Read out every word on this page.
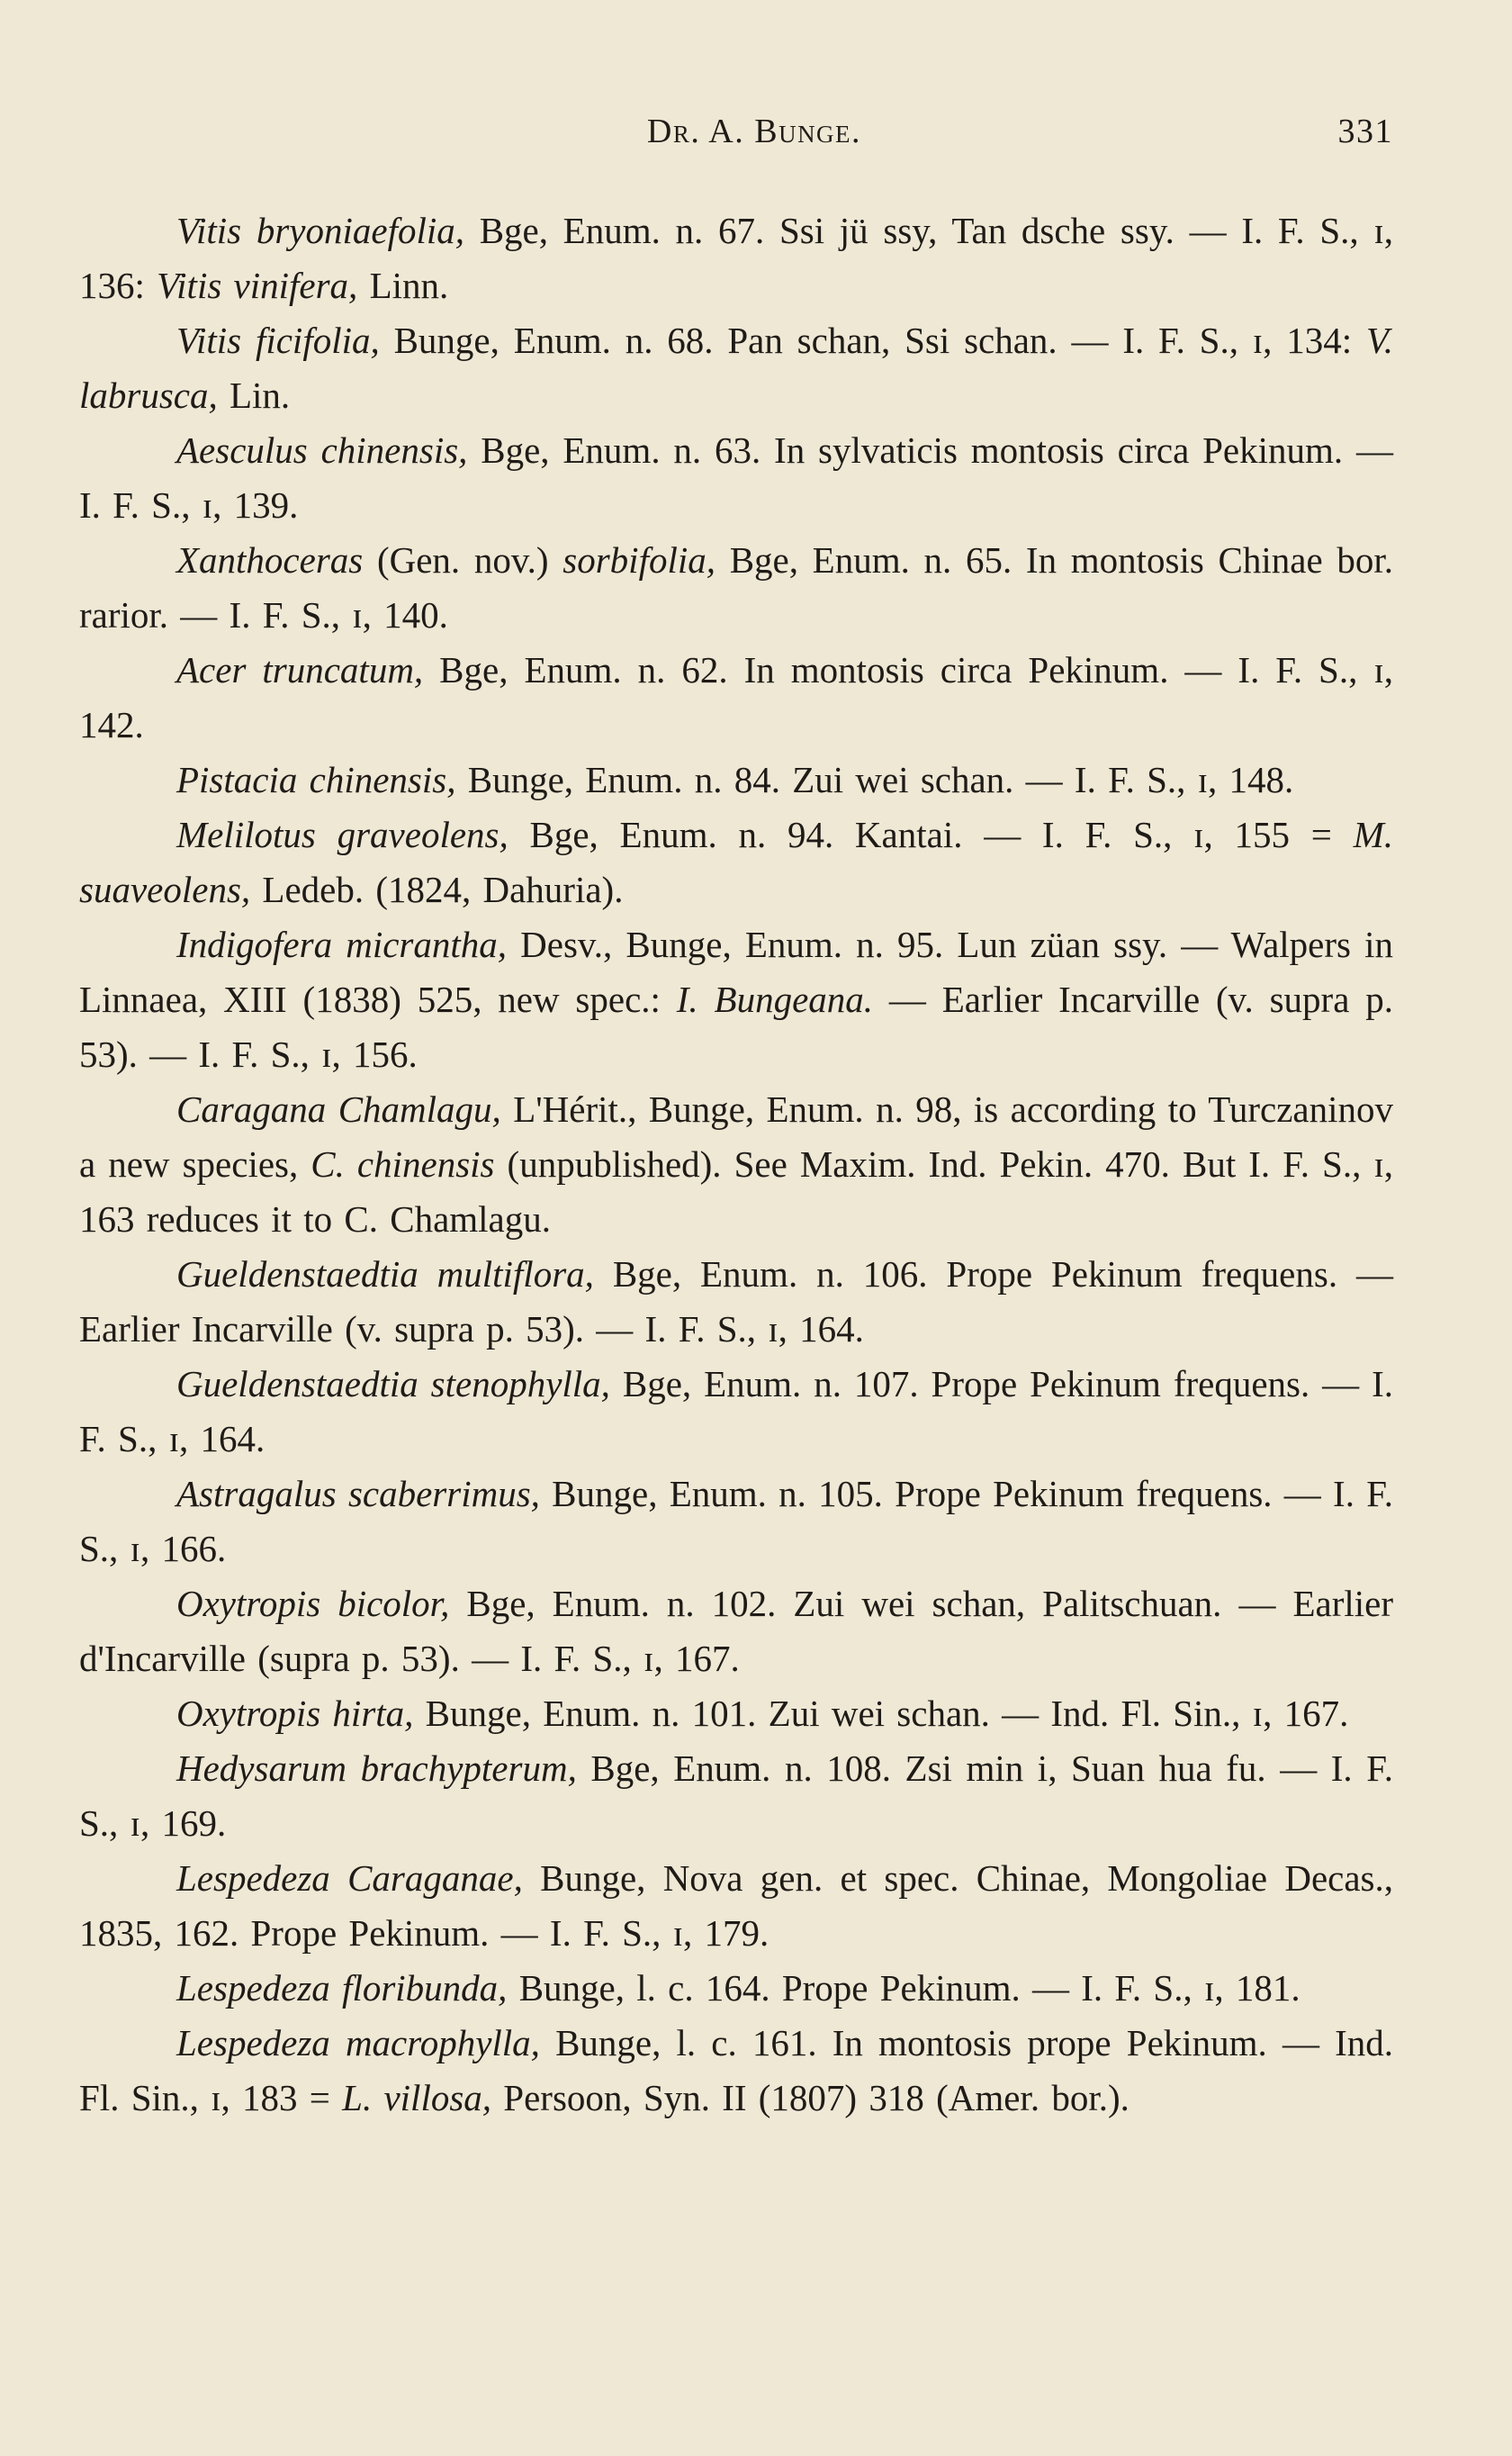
Dr. A. Bunge.	331

Vitis bryoniaefolia, Bge, Enum. n. 67. Ssi jü ssy, Tan dsche ssy. — I. F. S., ɪ, 136: Vitis vinifera, Linn.

Vitis ficifolia, Bunge, Enum. n. 68. Pan schan, Ssi schan. — I. F. S., ɪ, 134: V. labrusca, Lin.

Aesculus chinensis, Bge, Enum. n. 63. In sylvaticis montosis circa Pekinum. — I. F. S., ɪ, 139.

Xanthoceras (Gen. nov.) sorbifolia, Bge, Enum. n. 65. In montosis Chinae bor. rarior. — I. F. S., ɪ, 140.

Acer truncatum, Bge, Enum. n. 62. In montosis circa Pekinum. — I. F. S., ɪ, 142.

Pistacia chinensis, Bunge, Enum. n. 84. Zui wei schan. — I. F. S., ɪ, 148.

Melilotus graveolens, Bge, Enum. n. 94. Kantai. — I. F. S., ɪ, 155 = M. suaveolens, Ledeb. (1824, Dahuria).

Indigofera micrantha, Desv., Bunge, Enum. n. 95. Lun züan ssy. — Walpers in Linnaea, XIII (1838) 525, new spec.: I. Bungeana. — Earlier Incarville (v. supra p. 53). — I. F. S., ɪ, 156.

Caragana Chamlagu, L'Hérit., Bunge, Enum. n. 98, is according to Turczaninov a new species, C. chinensis (unpublished). See Maxim. Ind. Pekin. 470. But I. F. S., ɪ, 163 reduces it to C. Chamlagu.

Gueldenstaedtia multiflora, Bge, Enum. n. 106. Prope Pekinum frequens. — Earlier Incarville (v. supra p. 53). — I. F. S., ɪ, 164.

Gueldenstaedtia stenophylla, Bge, Enum. n. 107. Prope Pekinum frequens. — I. F. S., ɪ, 164.

Astragalus scaberrimus, Bunge, Enum. n. 105. Prope Pekinum frequens. — I. F. S., ɪ, 166.

Oxytropis bicolor, Bge, Enum. n. 102. Zui wei schan, Palitschuan. — Earlier d'Incarville (supra p. 53). — I. F. S., ɪ, 167.

Oxytropis hirta, Bunge, Enum. n. 101. Zui wei schan. — Ind. Fl. Sin., ɪ, 167.

Hedysarum brachypterum, Bge, Enum. n. 108. Zsi min i, Suan hua fu. — I. F. S., ɪ, 169.

Lespedeza Caraganae, Bunge, Nova gen. et spec. Chinae, Mongoliae Decas., 1835, 162. Prope Pekinum. — I. F. S., ɪ, 179.

Lespedeza floribunda, Bunge, l. c. 164. Prope Pekinum. — I. F. S., ɪ, 181.

Lespedeza macrophylla, Bunge, l. c. 161. In montosis prope Pekinum. — Ind. Fl. Sin., ɪ, 183 = L. villosa, Persoon, Syn. II (1807) 318 (Amer. bor.).
